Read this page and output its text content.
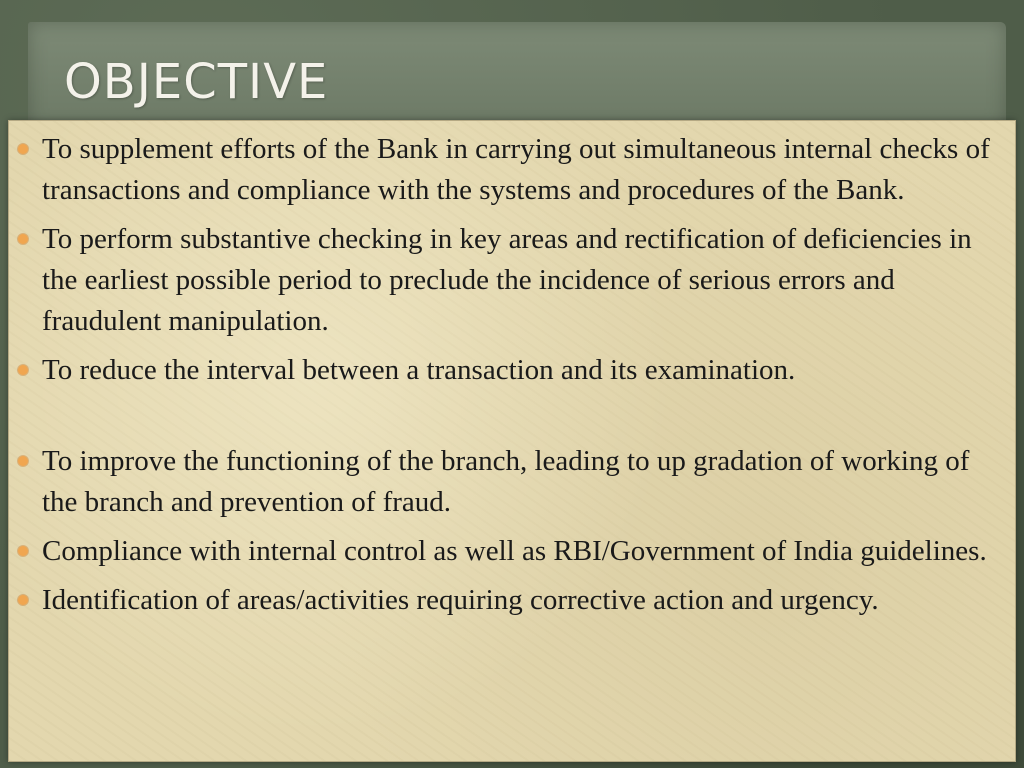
OBJECTIVE
To supplement efforts of the Bank in carrying out simultaneous internal checks of transactions and compliance with the systems and procedures of the Bank.
To perform substantive checking in key areas and rectification of deficiencies in the earliest possible period to preclude the incidence of serious errors and fraudulent manipulation.
To reduce the interval between a transaction and its examination.
To improve the functioning of the branch, leading to up gradation of working of the branch and prevention of fraud.
Compliance with internal control as well as RBI/Government of India guidelines.
Identification of areas/activities requiring corrective action and urgency.
